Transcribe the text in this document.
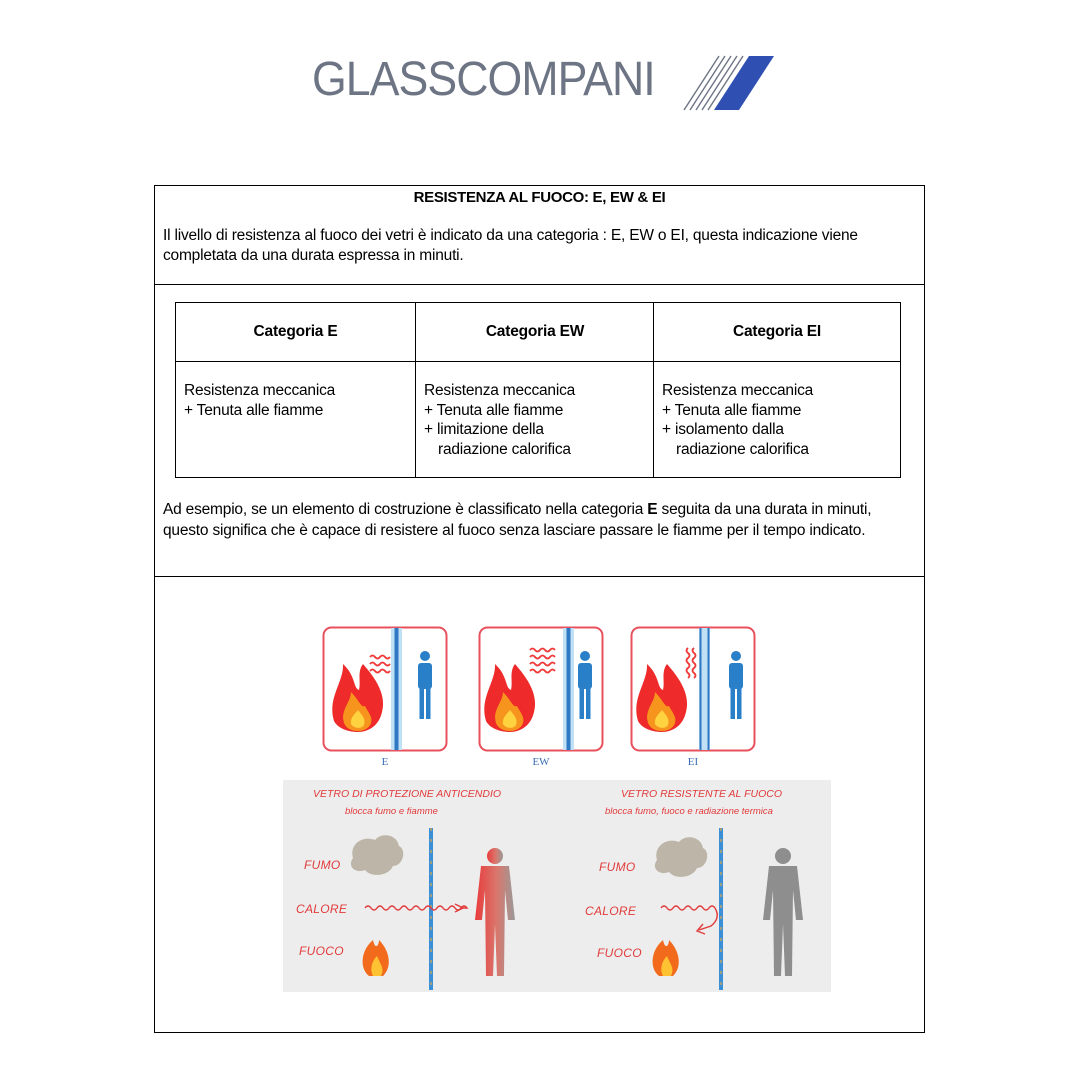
GLASSCOMPANI
RESISTENZA AL FUOCO: E, EW & EI
Il livello di resistenza al fuoco dei vetri è indicato da una categoria : E, EW o EI, questa indicazione viene completata da una durata espressa in minuti.
Categoria E
Resistenza meccanica
+ Tenuta alle fiamme
Categoria EW
Resistenza meccanica
+ Tenuta alle fiamme
+ limitazione della
radiazione calorifica
Categoria EI
Resistenza meccanica
+ Tenuta alle fiamme
+ isolamento dalla
radiazione calorifica
Ad esempio, se un elemento di costruzione è classificato nella categoria E seguita da una durata in minuti, questo significa che è capace di resistere al fuoco senza lasciare passare le fiamme per il tempo indicato.
E	EW	EI
VETRO DI PROTEZIONE ANTICENDIO
blocca fumo e fiamme
VETRO RESISTENTE AL FUOCO
blocca fumo, fuoco e radiazione termica
FUMO
CALORE
FUOCO
FUMO
CALORE
FUOCO
